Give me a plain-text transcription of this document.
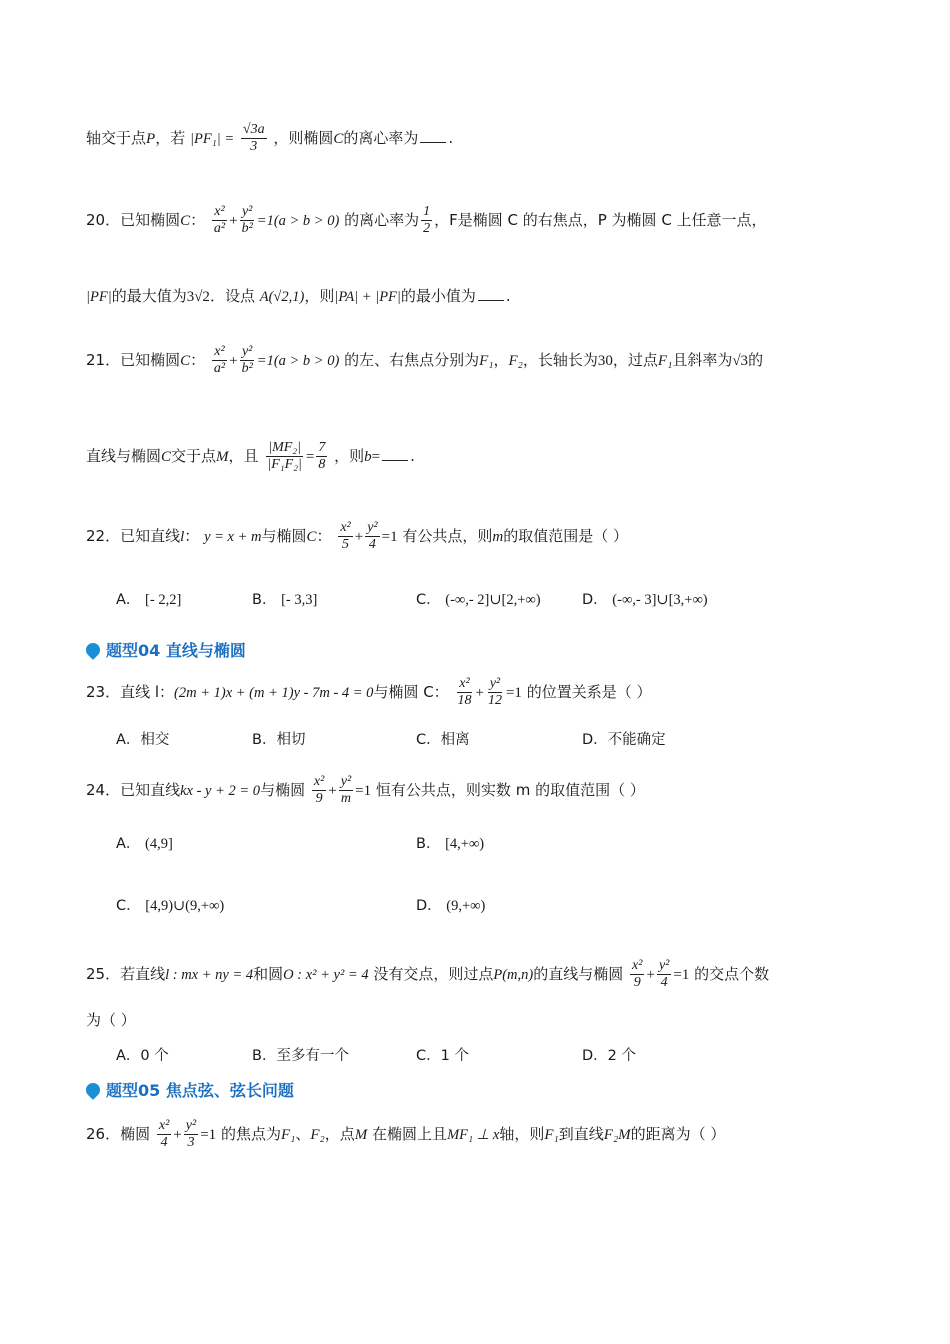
轴交于点P，若 $|PF_1| = \frac{√3a}{3}$ ，则椭圆C的离心率为 .
20．已知椭圆C： $\frac{\text{x²}}{\text{a²}} + \frac{\text{y²}}{\text{b²}} =1(a > b > 0)$ 的离心率为 $\frac{1}{2}$ ，F是椭圆 C 的右焦点，P 为椭圆 C 上任意一点，
|PF|的最大值为3√2．设点 A(√2,1)，则|PA| + |PF|的最小值为 .
21．已知椭圆C： $\frac{\text{x²}}{\text{a²}} + \frac{\text{y²}}{\text{b²}} =1(a > b > 0)$ 的左、右焦点分别为F₁，F₂，长轴长为30，过点F₁且斜率为√3的
直线与椭圆C交于点M，且 $\frac{\text{|MF₂|}}{\text{|F₁F₂|}} = \frac{7}{8}$ ，则b= .
22．已知直线l： y = x + m与椭圆C： $\frac{\text{x²}}{5} + \frac{\text{y²}}{4} =1$ 有公共点，则m的取值范围是（ ）
A． [- 2,2]	B． [- 3,3]	C． (-∞,- 2]∪[2,+∞)	D． (-∞,- 3]∪[3,+∞)
题型 04 直线与椭圆
23．直线 l：(2m + 1)x + (m + 1)y - 7m - 4 = 0与椭圆 C： $\frac{\text{x²}}{18} + \frac{\text{y²}}{12} =1$ 的位置关系是（ ）
A．相交	B．相切	C．相离	D．不能确定
24．已知直线kx - y + 2 = 0与椭圆 $\frac{\text{x²}}{9} + \frac{\text{y²}}{m} =1$ 恒有公共点，则实数 m 的取值范围（ ）
A． (4,9]	B． [4,+∞)
C． [4,9)∪(9,+∞)	D． (9,+∞)
25．若直线l : mx + ny = 4和圆O : x² + y² = 4 没有交点，则过点P(m,n)的直线与椭圆 $\frac{\text{x²}}{9} + \frac{\text{y²}}{4} =1$ 的交点个数
为（ ）
A．0 个	B．至多有一个	C．1 个	D．2 个
题型 05 焦点弦、弦长问题
26．椭圆 $\frac{\text{x²}}{4} + \frac{\text{y²}}{3} =1$ 的焦点为F₁、F₂，点M 在椭圆上且MF₁ ⊥ x轴，则F₁到直线F₂M的距离为（ ）
